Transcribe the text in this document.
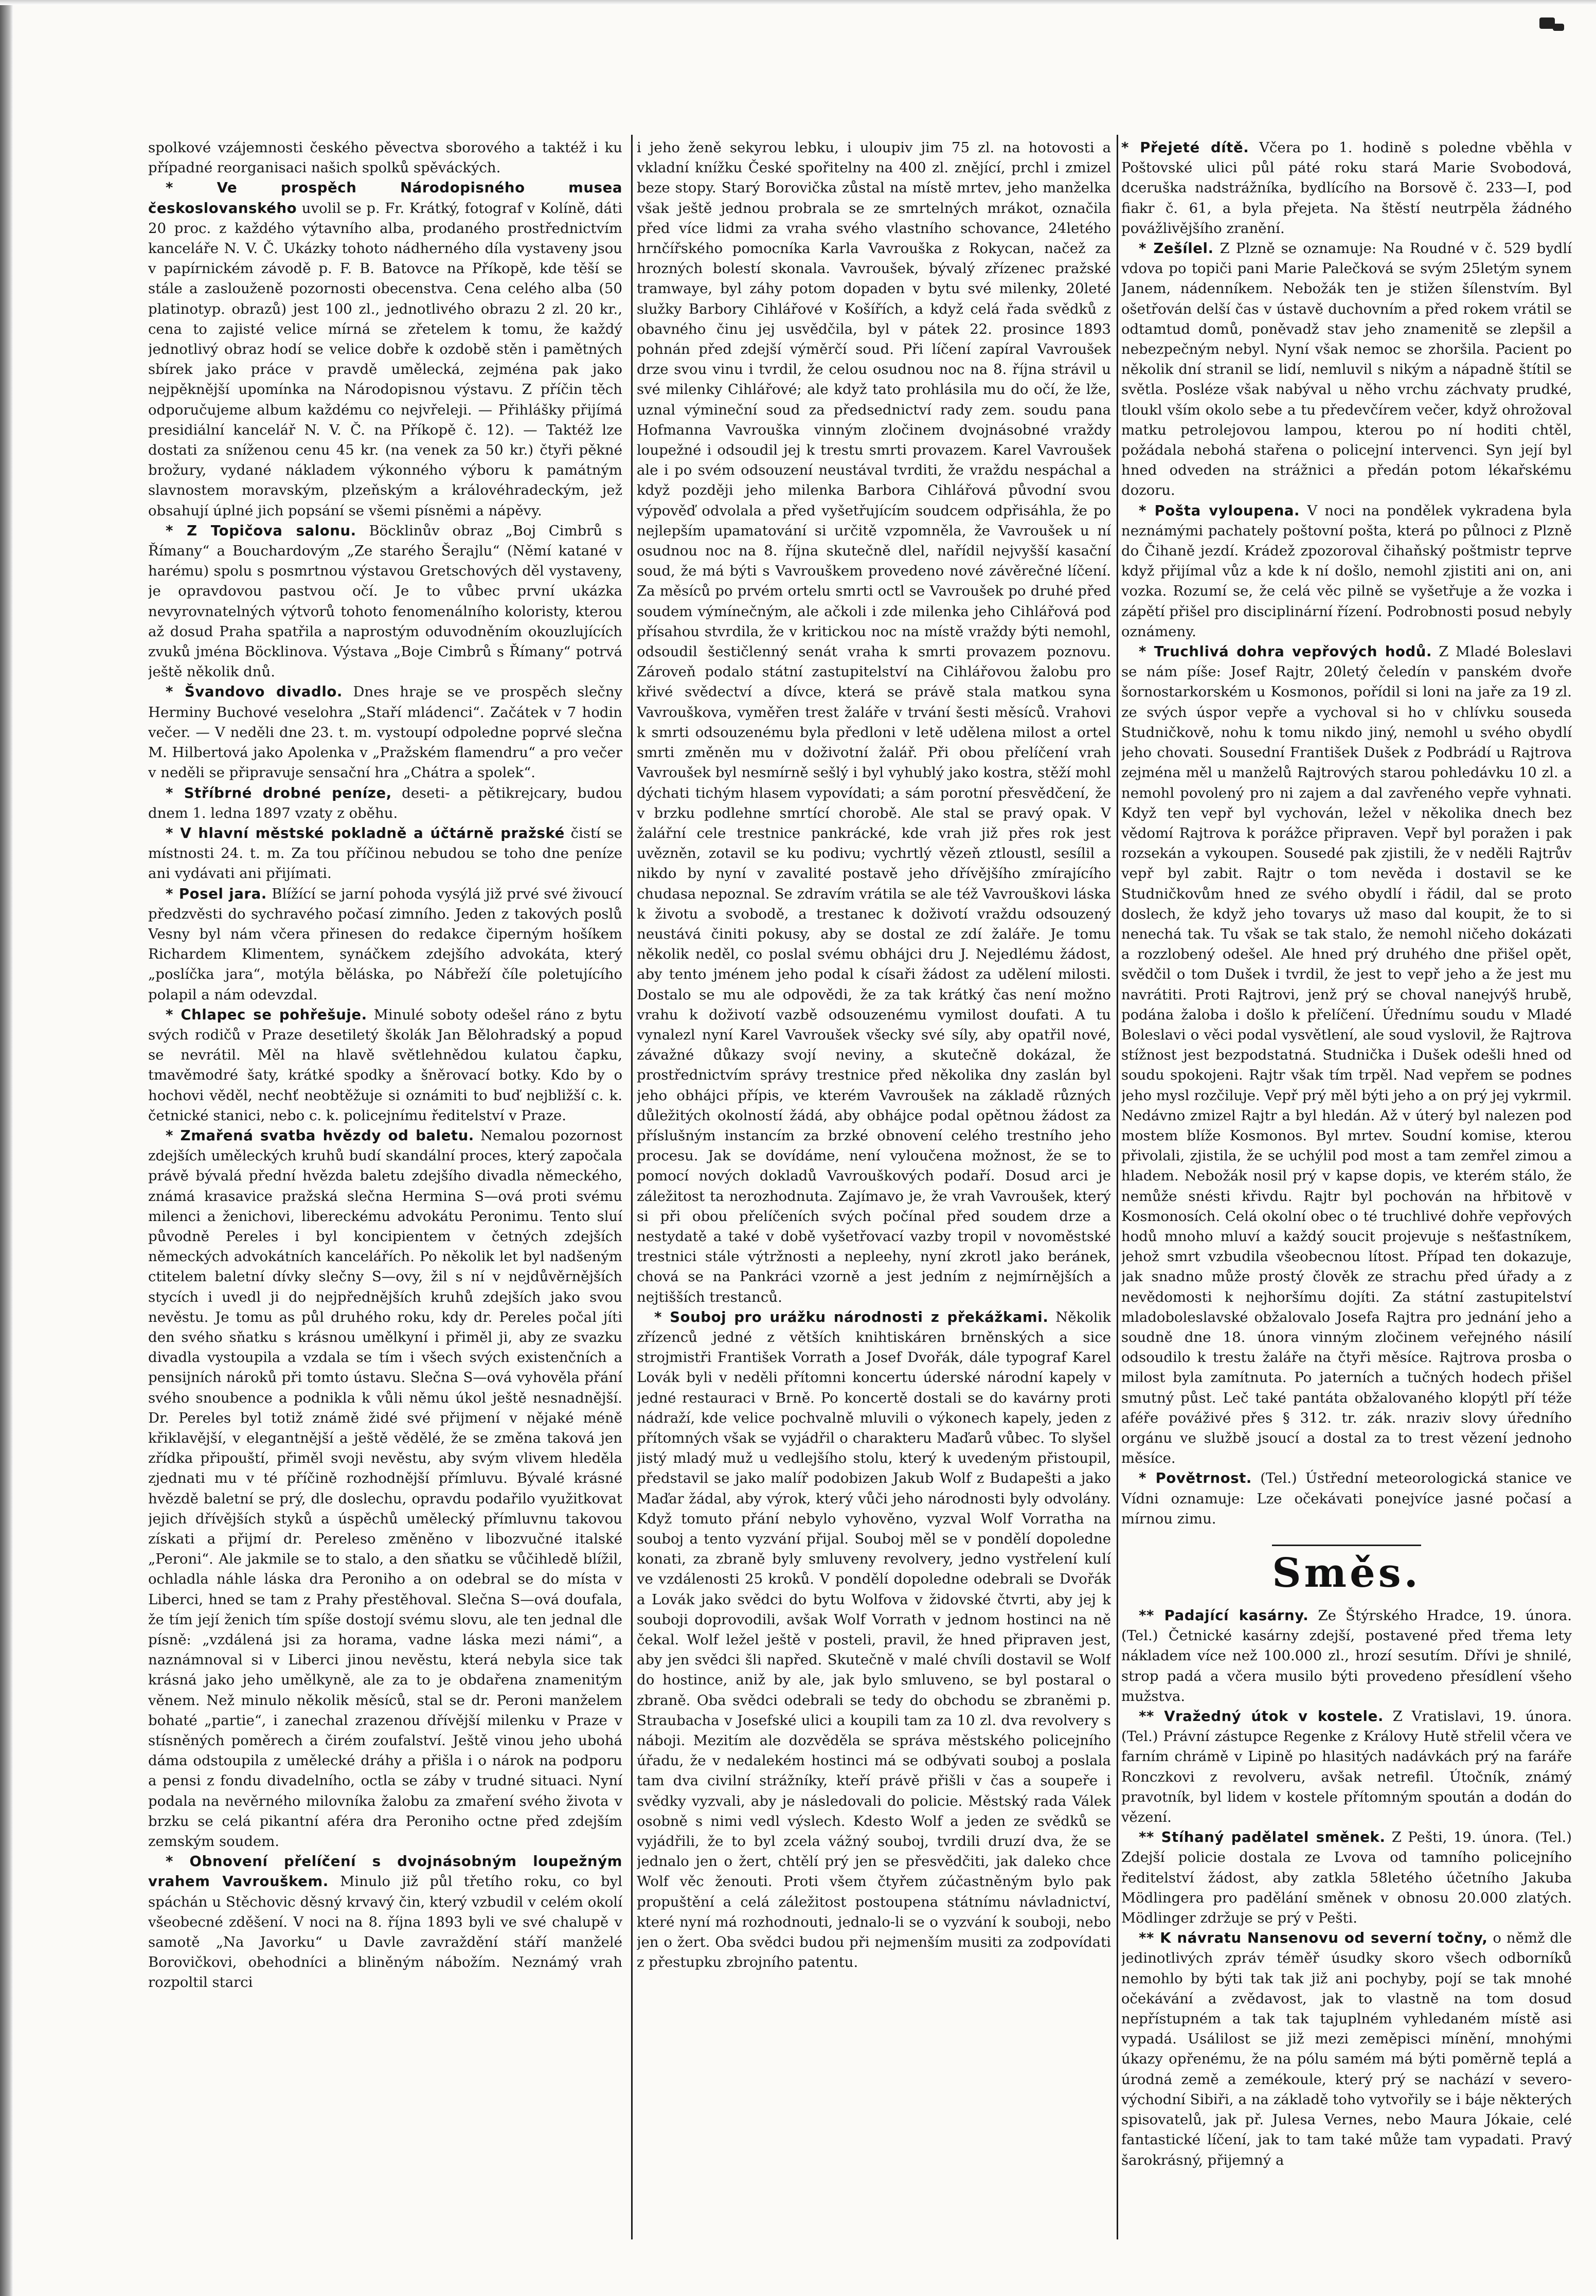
spolkové vzájemnosti českého pěvectva sborového a taktéž i ku případné reorganisaci našich spolků spěváckých.

* Ve prospěch Národopisného musea českoslovanského uvolil se p. Fr. Krátký, fotograf v Kolíně, dáti 20 proc. z každého výtavního alba, prodaného prostřednictvím kanceláře N. V. Č. Ukázky tohoto nádherného díla vystaveny jsou v papírnickém závodě p. F. B. Batovce na Příkopě, kde těší se stále a zaslouženě pozornosti obecenstva. Cena celého alba (50 platinotyp. obrazů) jest 100 zl., jednotlivého obrazu 2 zl. 20 kr., cena to zajisté velice mírná se zřetelem k tomu, že každý jednotlivý obraz hodí se velice dobře k ozdobě stěn i pamětných sbírek jako práce v pravdě umělecká, zejména pak jako nejpěknější upomínka na Národopisnou výstavu. Z příčin těch odporučujeme album každému co nejvřeleji. — Přihlášky přijímá presidiální kancelář N. V. Č. na Příkopě č. 12). — Taktéž lze dostati za sníženou cenu 45 kr. (na venek za 50 kr.) čtyři pěkné brožury, vydané nákladem výkonného výboru k památným slavnostem moravským, plzeňským a královéhradeckým, jež obsahují úplné jich popsání se všemi písněmi a nápěvy.

* Z Topičova salonu. Böcklinův obraz „Boj Cimbrů s Římany“ a Bouchardovým „Ze starého Šerajlu“ (Němí katané v harému) spolu s posmrtnou výstavou Gretschových děl vystaveny, je opravdovou pastvou očí. Je to vůbec první ukázka nevyrovnatelných výtvorů tohoto fenomenálního koloristy, kterou až dosud Praha spatřila a naprostým oduvodněním okouzlujících zvuků jména Böcklinova. Výstava „Boje Cimbrů s Římany“ potrvá ještě několik dnů.

* Švandovo divadlo. Dnes hraje se ve prospěch slečny Herminy Buchové veselohra „Staří mládenci“. Začátek v 7 hodin večer. — V neděli dne 23. t. m. vystoupí odpoledne poprvé slečna M. Hilbertová jako Apolenka v „Pražském flamendru“ a pro večer v neděli se připravuje sensační hra „Chátra a spolek“.

* Stříbrné drobné peníze, deseti- a pětikrejcary, budou dnem 1. ledna 1897 vzaty z oběhu.

* V hlavní městské pokladně a účtárně pražské čistí se místnosti 24. t. m. Za tou příčinou nebudou se toho dne peníze ani vydávati ani přijímati.

* Posel jara. Blížící se jarní pohoda vysýlá již prvé své živoucí předzvěsti do sychravého počasí zimního. Jeden z takových poslů Vesny byl nám včera přinesen do redakce čiperným hošíkem Richardem Klimentem, synáčkem zdejšího advokáta, který „poslíčka jara“, motýla běláska, po Nábřeží číle poletujícího polapil a nám odevzdal.

* Chlapec se pohřešuje. Minulé soboty odešel ráno z bytu svých rodičů v Praze desetiletý školák Jan Bělohradský a popud se nevrátil. Měl na hlavě světlehnědou kulatou čapku, tmavěmodré šaty, krátké spodky a šněrovací botky. Kdo by o hochovi věděl, nechť neobtěžuje si oznámiti to buď nejbližší c. k. četnické stanici, nebo c. k. policejnímu ředitelství v Praze.

* Zmařená svatba hvězdy od baletu. Nemalou pozornost zdejších uměleckých kruhů budí skandální proces, který započala právě bývalá přední hvězda baletu zdejšího divadla německého, známá krasavice pražská slečna Hermina S—ová proti svému milenci a ženichovi, libereckému advokátu Peronimu. Tento sluí původně Pereles i byl koncipientem v četných zdejších německých advokátních kancelářích. Po několik let byl nadšeným ctitelem baletní dívky slečny S—ovy, žil s ní v nejdůvěrnějších stycích i uvedl ji do nejpřednějších kruhů zdejších jako svou nevěstu. Je tomu as půl druhého roku, kdy dr. Pereles počal jíti den svého sňatku s krásnou umělkyní i přiměl ji, aby ze svazku divadla vystoupila a vzdala se tím i všech svých existenčních a pensijních nároků při tomto ústavu. Slečna S—ová vyhověla přání svého snoubence a podnikla k vůli němu úkol ještě nesnadnější. Dr. Pereles byl totiž známě židé své přijmení v nějaké méně křiklavější, v elegantnější a ještě vědělé, že se změna taková jen zřídka připouští, přiměl svoji nevěstu, aby svým vlivem hleděla zjednati mu v té příčině rozhodnější přímluvu. Bývalé krásné hvězdě baletní se prý, dle doslechu, opravdu podařilo využitkovat jejich dřívějších styků a úspěchů umělecký přímluvnu takovou získati a přijmí dr. Pereleso změněno v libozvučné italské „Peroni“. Ale jakmile se to stalo, a den sňatku se vůčihledě blížil, ochladla náhle láska dra Peroniho a on odebral se do místa v Liberci, hned se tam z Prahy přestěhoval. Slečna S—ová doufala, že tím její ženich tím spíše dostojí svému slovu, ale ten jednal dle písně: „vzdálená jsi za horama, vadne láska mezi námi“, a naznámnoval si v Liberci jinou nevěstu, která nebyla sice tak krásná jako jeho umělkyně, ale za to je obdařena znamenitým věnem. Než minulo několik měsíců, stal se dr. Peroni manželem bohaté „partie“, i zanechal zrazenou dřívější milenku v Praze v stísněných poměrech a čirém zoufalství. Ještě vinou jeho ubohá dáma odstoupila z umělecké dráhy a přišla i o nárok na podporu a pensi z fondu divadelního, octla se záby v trudné situaci. Nyní podala na nevěrného milovníka žalobu za zmaření svého života v brzku se celá pikantní aféra dra Peroniho octne před zdejším zemským soudem.

* Obnovení přelíčení s dvojnásobným loupežným vrahem Vavrouškem. Minulo již půl třetího roku, co byl spáchán u Stěchovic děsný krvavý čin, který vzbudil v celém okolí všeobecné zděšení. V noci na 8. října 1893 byli ve své chalupě v samotě „Na Javorku“ u Davle zavraždění stáří manželé Borovičkovi, obehodníci a bliněným nábožím. Neznámý vrah rozpoltil starci

i jeho ženě sekyrou lebku, i uloupiv jim 75 zl. na hotovosti a vkladní knížku České spořitelny na 400 zl. znějící, prchl i zmizel beze stopy. Starý Borovička zůstal na místě mrtev, jeho manželka však ještě jednou probrala se ze smrtelných mrákot, označila před více lidmi za vraha svého vlastního schovance, 24letého hrnčířského pomocníka Karla Vavrouška z Rokycan, načež za hrozných bolestí skonala. Vavroušek, bývalý zřízenec pražské tramwaye, byl záhy potom dopaden v bytu své milenky, 20leté služky Barbory Cihlářové v Košířích, a když celá řada svědků z obavného činu jej usvědčila, byl v pátek 22. prosince 1893 pohnán před zdejší výměrčí soud. Při líčení zapíral Vavroušek drze svou vinu i tvrdil, že celou osudnou noc na 8. října strávil u své milenky Cihlářové; ale když tato prohlásila mu do očí, že lže, uznal výmineční soud za předsednictví rady zem. soudu pana Hofmanna Vavrouška vinným zločinem dvojnásobné vraždy loupežné i odsoudil jej k trestu smrti provazem. Karel Vavroušek ale i po svém odsouzení neustával tvrditi, že vraždu nespáchal a když později jeho milenka Barbora Cihlářová původní svou výpověď odvolala a před vyšetřujícím soudcem odpřisáhla, že po nejlepším upamatování si určitě vzpomněla, že Vavroušek u ní osudnou noc na 8. října skutečně dlel, nařídil nejvyšší kasační soud, že má býti s Vavrouškem provedeno nové závěrečné líčení. Za měsíců po prvém ortelu smrti octl se Vavroušek po druhé před soudem výmínečným, ale ačkoli i zde milenka jeho Cihlářová pod přísahou stvrdila, že v kritickou noc na místě vraždy býti nemohl, odsoudil šestičlenný senát vraha k smrti provazem poznovu. Zároveň podalo státní zastupitelství na Cihlářovou žalobu pro křivé svědectví a dívce, která se právě stala matkou syna Vavrouškova, vyměřen trest žaláře v trvání šesti měsíců. Vrahovi k smrti odsouzenému byla předloni v letě udělena milost a ortel smrti změněn mu v doživotní žalář. Při obou přelíčení vrah Vavroušek byl nesmírně sešlý i byl vyhublý jako kostra, stěží mohl dýchati tichým hlasem vypovídati; a sám porotní přesvědčení, že v brzku podlehne smrtící chorobě. Ale stal se pravý opak. V žalářní cele trestnice pankrácké, kde vrah již přes rok jest uvězněn, zotavil se ku podivu; vychrtlý vězeň ztloustl, sesílil a nikdo by nyní v zavalité postavě jeho dřívějšího zmírajícího chudasa nepoznal. Se zdravím vrátila se ale též Vavrouškovi láska k životu a svobodě, a trestanec k doživotí vraždu odsouzený neustává činiti pokusy, aby se dostal ze zdí žaláře. Je tomu několik neděl, co poslal svému obhájci dru J. Nejedlému žádost, aby tento jménem jeho podal k císaři žádost za udělení milosti. Dostalo se mu ale odpovědi, že za tak krátký čas není možno vrahu k doživotí vazbě odsouzenému vymilost doufati. A tu vynalezl nyní Karel Vavroušek všecky své síly, aby opatřil nové, závažné důkazy svojí neviny, a skutečně dokázal, že prostřednictvím správy trestnice před několika dny zaslán byl jeho obhájci přípis, ve kterém Vavroušek na základě různých důležitých okolností žádá, aby obhájce podal opětnou žádost za příslušným instancím za brzké obnovení celého trestního jeho procesu. Jak se dovídáme, není vyloučena možnost, že se to pomocí nových dokladů Vavrouškových podaří. Dosud arci je záležitost ta nerozhodnuta. Zajímavo je, že vrah Vavroušek, který si při obou přelíčeních svých počínal před soudem drze a nestydatě a také v době vyšetřovací vazby tropil v novoměstské trestnici stále výtržnosti a nepleehy, nyní zkrotl jako beránek, chová se na Pankráci vzorně a jest jedním z nejmírnějších a nejtišších trestanců.

* Souboj pro urážku národnosti z překážkami. Několik zřízenců jedné z větších knihtiskáren brněnských a sice strojmistři František Vorrath a Josef Dvořák, dále typograf Karel Lovák byli v neděli přítomni koncertu úderské národní kapely v jedné restauraci v Brně. Po koncertě dostali se do kavárny proti nádraží, kde velice pochvalně mluvili o výkonech kapely, jeden z přítomných však se vyjádřil o charakteru Maďarů vůbec. To slyšel jistý mladý muž u vedlejšího stolu, který k uvedeným přistoupil, představil se jako malíř podobizen Jakub Wolf z Budapešti a jako Maďar žádal, aby výrok, který vůči jeho národnosti byly odvolány. Když tomuto přání nebylo vyhověno, vyzval Wolf Vorratha na souboj a tento vyzvání přijal. Souboj měl se v pondělí dopoledne konati, za zbraně byly smluveny revolvery, jedno vystřelení kulí ve vzdálenosti 25 kroků. V pondělí dopoledne odebrali se Dvořák a Lovák jako svědci do bytu Wolfova v židovské čtvrti, aby jej k souboji doprovodili, avšak Wolf Vorrath v jednom hostinci na ně čekal. Wolf ležel ještě v posteli, pravil, že hned připraven jest, aby jen svědci šli napřed. Skutečně v malé chvíli dostavil se Wolf do hostince, aniž by ale, jak bylo smluveno, se byl postaral o zbraně. Oba svědci odebrali se tedy do obchodu se zbraněmi p. Straubacha v Josefské ulici a koupili tam za 10 zl. dva revolvery s náboji. Mezitím ale dozvěděla se správa městského policejního úřadu, že v nedalekém hostinci má se odbývati souboj a poslala tam dva civilní strážníky, kteří právě přišli v čas a soupeře i svědky vyzvali, aby je následovali do policie. Městský rada Válek osobně s nimi vedl výslech. Kdesto Wolf a jeden ze svědků se vyjádřili, že to byl zcela vážný souboj, tvrdili druzí dva, že se jednalo jen o žert, chtělí prý jen se přesvědčiti, jak daleko chce Wolf věc ženouti. Proti všem čtyřem zúčastněným bylo pak propuštění a celá záležitost postoupena státnímu návladnictví, které nyní má rozhodnouti, jednalo-li se o vyzvání k souboji, nebo jen o žert. Oba svědci budou při nejmenším musiti za zodpovídati z přestupku zbrojního patentu.

* Přejeté dítě. Včera po 1. hodině s poledne vběhla v Poštovské ulici půl páté roku stará Marie Svobodová, dceruška nadstrážníka, bydlícího na Borsově č. 233—I, pod fiakr č. 61, a byla přejeta. Na štěstí neutrpěla žádného povážlivějšího zranění.

* Zešílel. Z Plzně se oznamuje: Na Roudné v č. 529 bydlí vdova po topiči pani Marie Palečková se svým 25letým synem Janem, nádenníkem. Nebožák ten je stižen šílenstvím. Byl ošetřován delší čas v ústavě duchovním a před rokem vrátil se odtamtud domů, poněvadž stav jeho znamenitě se zlepšil a nebezpečným nebyl. Nyní však nemoc se zhoršila. Pacient po několik dní stranil se lidí, nemluvil s nikým a nápadně štítil se světla. Posléze však nabýval u něho vrchu záchvaty prudké, tloukl vším okolo sebe a tu předevčírem večer, když ohrožoval matku petrolejovou lampou, kterou po ní hoditi chtěl, požádala nebohá stařena o policejní intervenci. Syn její byl hned odveden na strážnici a předán potom lékařskému dozoru.

* Pošta vyloupena. V noci na pondělek vykradena byla neznámými pachately poštovní pošta, která po půlnoci z Plzně do Čihaně jezdí. Krádež zpozoroval čihaňský poštmistr teprve když přijímal vůz a kde k ní došlo, nemohl zjistiti ani on, ani vozka. Rozumí se, že celá věc pilně se vyšetřuje a že vozka i zápětí přišel pro disciplinární řízení. Podrobnosti posud nebyly oznámeny.

* Truchlivá dohra vepřových hodů. Z Mladé Boleslavi se nám píše: Josef Rajtr, 20letý čeledín v panském dvoře šornostarkorském u Kosmonos, pořídil si loni na jaře za 19 zl. ze svých úspor vepře a vychoval si ho v chlívku souseda Studničkově, nohu k tomu nikdo jiný, nemohl u svého obydlí jeho chovati. Sousední František Dušek z Podbrádí u Rajtrova zejména měl u manželů Rajtrových starou pohledávku 10 zl. a nemohl povolený pro ni zajem a dal zavřeného vepře vyhnati. Když ten vepř byl vychován, ležel v několika dnech bez vědomí Rajtrova k porážce připraven. Vepř byl poražen i pak rozsekán a vykoupen. Sousedé pak zjistili, že v neděli Rajtrův vepř byl zabit. Rajtr o tom nevěda i dostavil se ke Studničkovům hned ze svého obydlí i řádil, dal se proto doslech, že když jeho tovarys už maso dal koupit, že to si nenechá tak. Tu však se tak stalo, že nemohl ničeho dokázati a rozzlobený odešel. Ale hned prý druhého dne přišel opět, svědčil o tom Dušek i tvrdil, že jest to vepř jeho a že jest mu navrátiti. Proti Rajtrovi, jenž prý se choval nanejvýš hrubě, podána žaloba i došlo k přelíčení. Úřednímu soudu v Mladé Boleslavi o věci podal vysvětlení, ale soud vyslovil, že Rajtrova stížnost jest bezpodstatná. Studnička i Dušek odešli hned od soudu spokojeni. Rajtr však tím trpěl. Nad vepřem se podnes jeho mysl rozčiluje. Vepř prý měl býti jeho a on prý jej vykrmil. Nedávno zmizel Rajtr a byl hledán. Až v úterý byl nalezen pod mostem blíže Kosmonos. Byl mrtev. Soudní komise, kterou přivolali, zjistila, že se uchýlil pod most a tam zemřel zimou a hladem. Nebožák nosil prý v kapse dopis, ve kterém stálo, že nemůže snésti křivdu. Rajtr byl pochován na hřbitově v Kosmonosích. Celá okolní obec o té truchlivé dohře vepřových hodů mnoho mluví a každý soucit projevuje s nešťastníkem, jehož smrt vzbudila všeobecnou lítost. Případ ten dokazuje, jak snadno může prostý člověk ze strachu před úřady a z nevědomosti k nejhoršímu dojíti. Za státní zastupitelství mladoboleslavské obžalovalo Josefa Rajtra pro jednání jeho a soudně dne 18. února vinným zločinem veřejného násilí odsoudilo k trestu žaláře na čtyři měsíce. Rajtrova prosba o milost byla zamítnuta. Po jaterních a tučných hodech přišel smutný půst. Leč také pantáta obžalovaného klopýtl pří téže aféře pováživé přes § 312. tr. zák. nraziv slovy úředního orgánu ve službě jsoucí a dostal za to trest vězení jednoho měsíce.

* Povětrnost. (Tel.) Ústřední meteorologická stanice ve Vídni oznamuje: Lze očekávati ponejvíce jasné počasí a mírnou zimu.

Směs.

** Padající kasárny. Ze Štýrského Hradce, 19. února. (Tel.) Četnické kasárny zdejší, postavené před třema lety nákladem více než 100.000 zl., hrozí sesutím. Dřívi je shnilé, strop padá a včera musilo býti provedeno přesídlení všeho mužstva.

** Vražedný útok v kostele. Z Vratislavi, 19. února. (Tel.) Právní zástupce Regenke z Královy Hutě střelil včera ve farním chrámě v Lipině po hlasitých nadávkách prý na faráře Ronczkovi z revolveru, avšak netrefil. Útočník, známý pravotník, byl lidem v kostele přítomným spoután a dodán do vězení.

** Stíhaný padělatel směnek. Z Pešti, 19. února. (Tel.) Zdejší policie dostala ze Lvova od tamního policejního ředitelství žádost, aby zatkla 58letého účetního Jakuba Mödlingera pro padělání směnek v obnosu 20.000 zlatých. Mödlinger zdržuje se prý v Pešti.

** K návratu Nansenovu od severní točny, o němž dle jedinotlivých zpráv téměř úsudky skoro všech odborníků nemohlo by býti tak tak již ani pochyby, pojí se tak mnohé očekávání a zvědavost, jak to vlastně na tom dosud nepřístupném a tak tak tajuplném vyhledaném místě asi vypadá. Usálilost se již mezi zeměpisci mínění, mnohými úkazy opřenému, že na pólu samém má býti poměrně teplá a úrodná země a zemékoule, který prý se nachází v severo-východní Sibiři, a na základě toho vytvořily se i báje některých spisovatelů, jak př. Julesa Vernes, nebo Maura Jókaie, celé fantastické líčení, jak to tam také může tam vypadati. Pravý šarokrásný, přijemný a
